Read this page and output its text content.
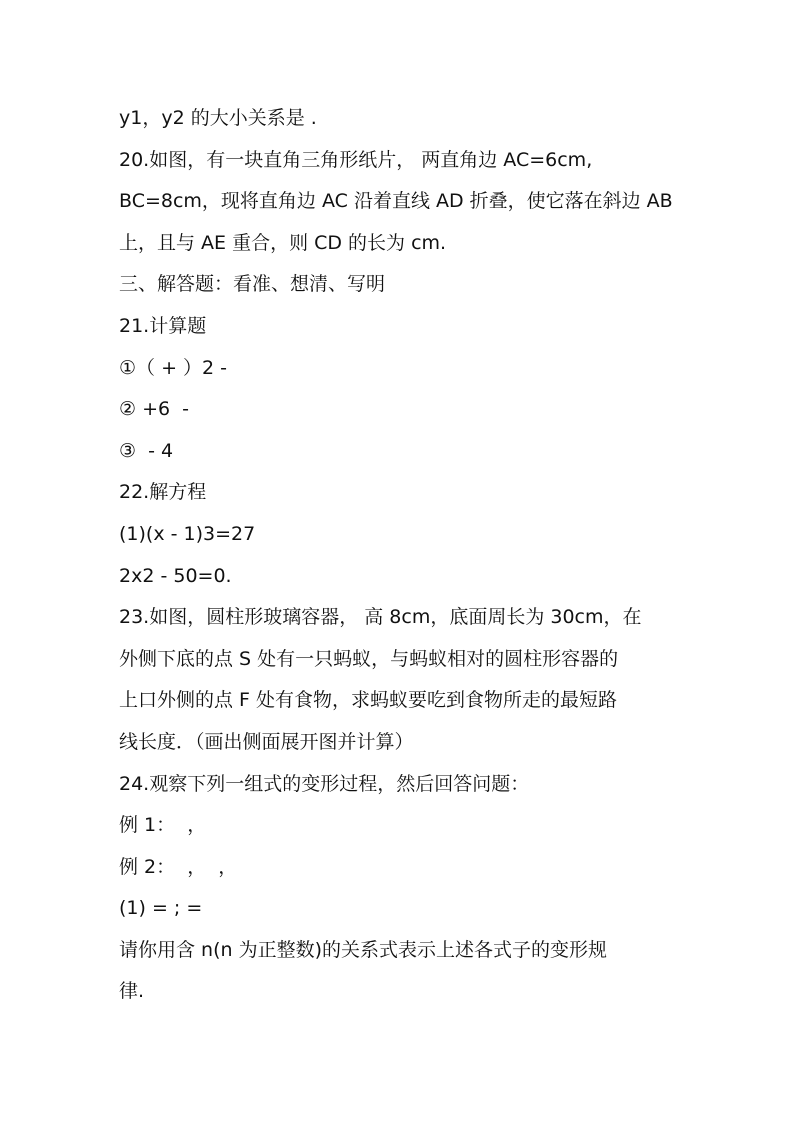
y1，y2 的大小关系是 .
20.如图，有一块直角三角形纸片， 两直角边 AC=6cm,
BC=8cm，现将直角边 AC 沿着直线 AD 折叠，使它落在斜边 AB
上，且与 AE 重合，则 CD 的长为 cm.
三、解答题：看准、想清、写明
21.计算题
①（ + ）2 -
② +6  -
③  - 4
22.解方程
(1)(x - 1)3=27
2x2 - 50=0.
23.如图，圆柱形玻璃容器， 高 8cm，底面周长为 30cm，在
外侧下底的点 S 处有一只蚂蚁，与蚂蚁相对的圆柱形容器的
上口外侧的点 F 处有食物，求蚂蚁要吃到食物所走的最短路
线长度．（画出侧面展开图并计算）
24.观察下列一组式的变形过程，然后回答问题：
例 1：  ，
例 2：  ，  ，
(1) = ; =
请你用含 n(n 为正整数)的关系式表示上述各式子的变形规
律.
